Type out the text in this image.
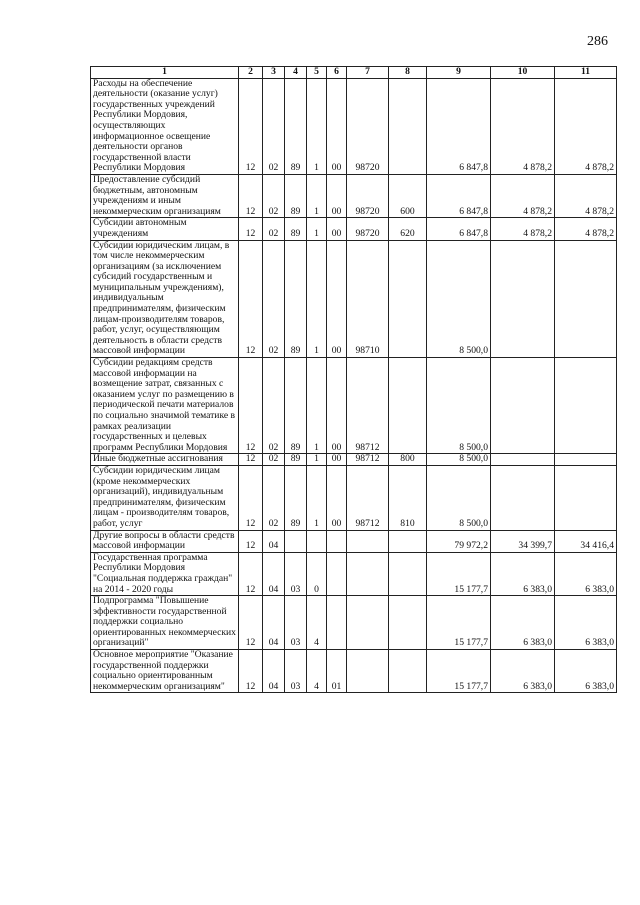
286
1	2	3	4	5	6	7	8	9	10	11
Расходы на обеспечение деятельности (оказание услуг) государственных учреждений Республики Мордовия, осуществляющих информационное освещение деятельности органов государственной власти Республики Мордовия	12	02	89	1	00	98720		6 847,8	4 878,2	4 878,2
Предоставление субсидий бюджетным, автономным учреждениям и иным некоммерческим организациям	12	02	89	1	00	98720	600	6 847,8	4 878,2	4 878,2
Субсидии автономным учреждениям	12	02	89	1	00	98720	620	6 847,8	4 878,2	4 878,2
Субсидии юридическим лицам, в том числе некоммерческим организациям (за исключением субсидий государственным и муниципальным учреждениям), индивидуальным предпринимателям, физическим лицам-производителям товаров, работ, услуг, осуществляющим деятельность в области средств массовой информации	12	02	89	1	00	98710		8 500,0		
Субсидии редакциям средств массовой информации на возмещение затрат, связанных с оказанием услуг по размещению в периодической печати материалов по социально значимой тематике в рамках реализации государственных и целевых программ Республики Мордовия	12	02	89	1	00	98712		8 500,0		
Иные бюджетные ассигнования	12	02	89	1	00	98712	800	8 500,0		
Субсидии юридическим лицам (кроме некоммерческих организаций), индивидуальным предпринимателям, физическим лицам - производителям товаров, работ, услуг	12	02	89	1	00	98712	810	8 500,0		
Другие вопросы в области средств массовой информации	12	04						79 972,2	34 399,7	34 416,4
Государственная программа Республики Мордовия "Социальная поддержка граждан" на 2014 - 2020 годы	12	04	03	0				15 177,7	6 383,0	6 383,0
Подпрограмма "Повышение эффективности государственной поддержки социально ориентированных некоммерческих организаций"	12	04	03	4				15 177,7	6 383,0	6 383,0
Основное мероприятие "Оказание государственной поддержки социально ориентированным некоммерческим организациям"	12	04	03	4	01			15 177,7	6 383,0	6 383,0
